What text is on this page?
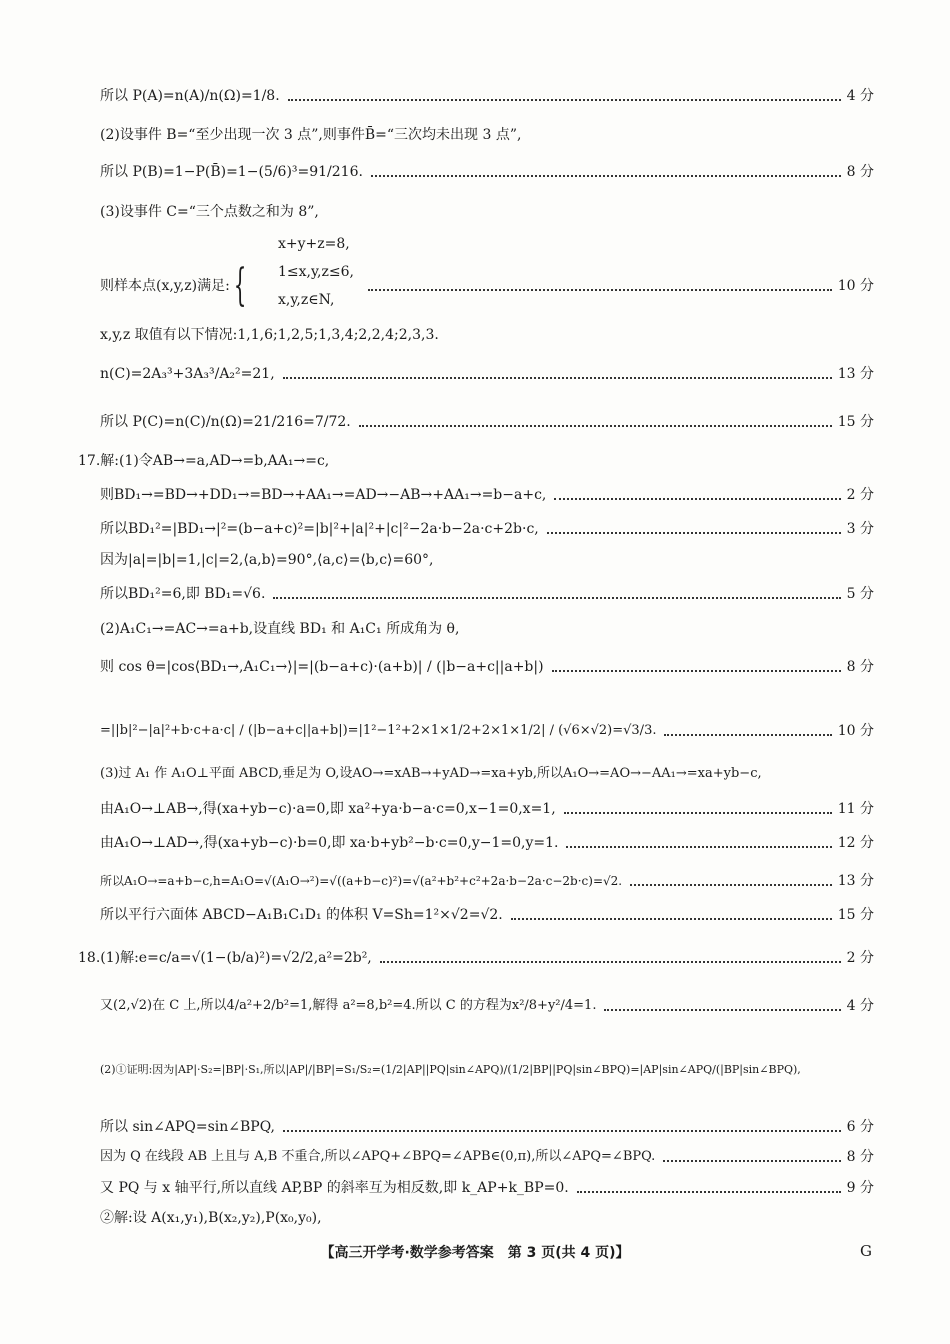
所以 P(A)=n(A)/n(Ω)=1/8.	4 分
(2)设事件 B=“至少出现一次 3 点”,则事件B̄=“三次均未出现 3 点”,
所以 P(B)=1−P(B̄)=1−(5/6)³=91/216.	8 分
(3)设事件 C=“三个点数之和为 8”,
则样本点(x,y,z)满足: {	10 分
x+y+z=8,
1≤x,y,z≤6,
x,y,z∈N,
x,y,z 取值有以下情况:1,1,6;1,2,5;1,3,4;2,2,4;2,3,3.
n(C)=2A₃³+3A₃³/A₂²=21,	13 分
所以 P(C)=n(C)/n(Ω)=21/216=7/72.	15 分
17.解:(1)令AB→=a,AD→=b,AA₁→=c,
则BD₁→=BD→+DD₁→=BD→+AA₁→=AD→−AB→+AA₁→=b−a+c,	2 分
所以BD₁²=|BD₁→|²=(b−a+c)²=|b|²+|a|²+|c|²−2a·b−2a·c+2b·c,	3 分
因为|a|=|b|=1,|c|=2,⟨a,b⟩=90°,⟨a,c⟩=⟨b,c⟩=60°,
所以BD₁²=6,即 BD₁=√6.	5 分
(2)A₁C₁→=AC→=a+b,设直线 BD₁ 和 A₁C₁ 所成角为 θ,
则 cos θ=|cos⟨BD₁→,A₁C₁→⟩|=|(b−a+c)·(a+b)| / (|b−a+c||a+b|)	8 分
=||b|²−|a|²+b·c+a·c| / (|b−a+c||a+b|)=|1²−1²+2×1×1/2+2×1×1/2| / (√6×√2)=√3/3.	10 分
(3)过 A₁ 作 A₁O⊥平面 ABCD,垂足为 O,设AO→=xAB→+yAD→=xa+yb,所以A₁O→=AO→−AA₁→=xa+yb−c,
由A₁O→⊥AB→,得(xa+yb−c)·a=0,即 xa²+ya·b−a·c=0,x−1=0,x=1,	11 分
由A₁O→⊥AD→,得(xa+yb−c)·b=0,即 xa·b+yb²−b·c=0,y−1=0,y=1.	12 分
所以A₁O→=a+b−c,h=A₁O=√(A₁O→²)=√((a+b−c)²)=√(a²+b²+c²+2a·b−2a·c−2b·c)=√2.	13 分
所以平行六面体 ABCD−A₁B₁C₁D₁ 的体积 V=Sh=1²×√2=√2.	15 分
18.(1)解:e=c/a=√(1−(b/a)²)=√2/2,a²=2b²,	2 分
又(2,√2)在 C 上,所以4/a²+2/b²=1,解得 a²=8,b²=4.所以 C 的方程为x²/8+y²/4=1.	4 分
(2)①证明:因为|AP|·S₂=|BP|·S₁,所以|AP|/|BP|=S₁/S₂=(1/2|AP||PQ|sin∠APQ)/(1/2|BP||PQ|sin∠BPQ)=|AP|sin∠APQ/(|BP|sin∠BPQ),
所以 sin∠APQ=sin∠BPQ,	6 分
因为 Q 在线段 AB 上且与 A,B 不重合,所以∠APQ+∠BPQ=∠APB∈(0,π),所以∠APQ=∠BPQ.	8 分
又 PQ 与 x 轴平行,所以直线 AP,BP 的斜率互为相反数,即 k_AP+k_BP=0.	9 分
②解:设 A(x₁,y₁),B(x₂,y₂),P(x₀,y₀),
【高三开学考·数学参考答案　第 3 页(共 4 页)】	G
